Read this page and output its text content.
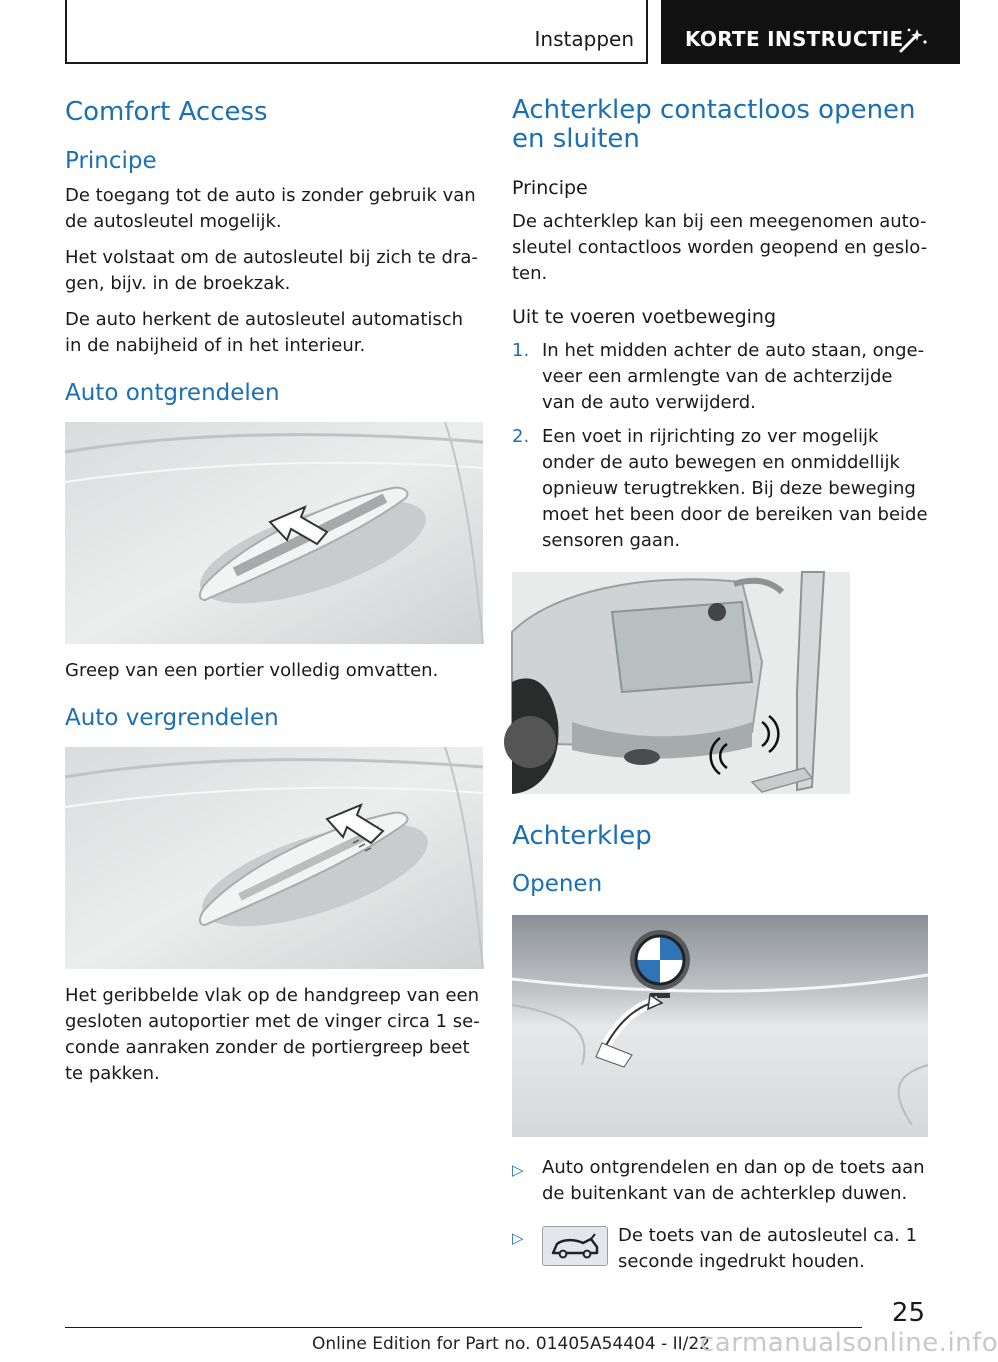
Instappen	KORTE INSTRUCTIE
Comfort Access
Principe

De toegang tot de auto is zonder gebruik van de autosleutel mogelijk.

Het volstaat om de autosleutel bij zich te dra- gen, bijv. in de broekzak.

De auto herkent de autosleutel automatisch in de nabijheid of in het interieur.

Auto ontgrendelen

Greep van een portier volledig omvatten.

Auto vergrendelen

Het geribbelde vlak op de handgreep van een gesloten autoportier met de vinger circa 1 se- conde aanraken zonder de portiergreep beet te pakken.

Achterklep contactloos openen en sluiten
Principe

De achterklep kan bij een meegenomen auto- sleutel contactloos worden geopend en geslo- ten.

Uit te voeren voetbeweging
1. In het midden achter de auto staan, onge- veer een armlengte van de achterzijde van de auto verwijderd.
2. Een voet in rijrichting zo ver mogelijk onder de auto bewegen en onmiddellijk opnieuw terugtrekken. Bij deze beweging moet het been door de bereiken van beide sensoren gaan.
Achterklep
Openen
▷ Auto ontgrendelen en dan op de toets aan de buitenkant van de achterklep duwen.
▷	De toets van de autosleutel ca. 1 seconde ingedrukt houden.
25
Online Edition for Part no. 01405A54404 - II/22
carmanualsonline.info
